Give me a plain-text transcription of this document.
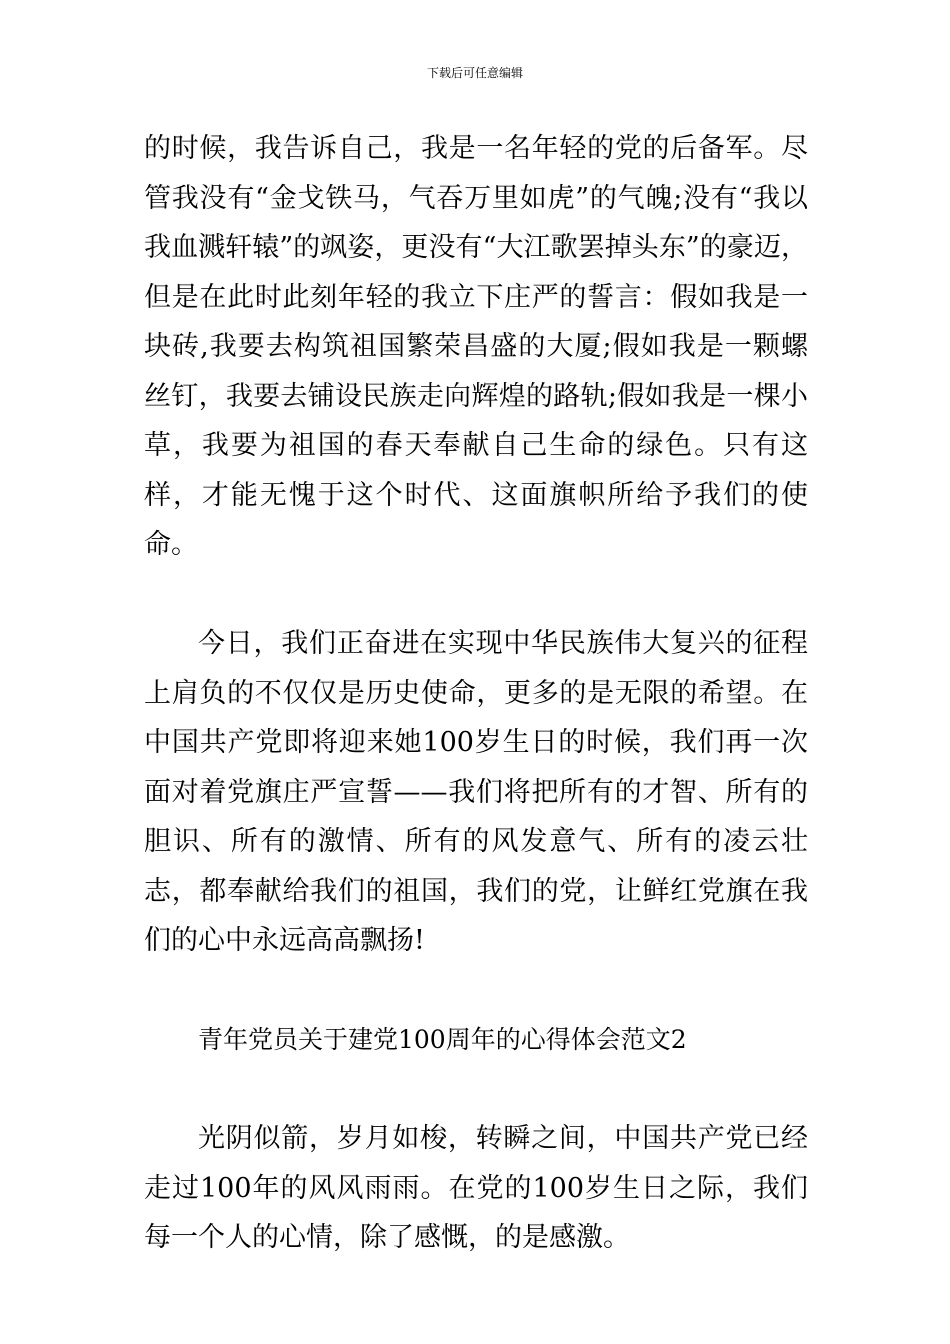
下载后可任意编辑

的时候，我告诉自己，我是一名年轻的党的后备军。尽管我没有“金戈铁马，气吞万里如虎”的气魄;没有“我以我血溅轩辕”的飒姿，更没有“大江歌罢掉头东”的豪迈，但是在此时此刻年轻的我立下庄严的誓言：假如我是一块砖,我要去构筑祖国繁荣昌盛的大厦;假如我是一颗螺丝钉，我要去铺设民族走向辉煌的路轨;假如我是一棵小草，我要为祖国的春天奉献自己生命的绿色。只有这样，才能无愧于这个时代、这面旗帜所给予我们的使命。

今日，我们正奋进在实现中华民族伟大复兴的征程上肩负的不仅仅是历史使命，更多的是无限的希望。在中国共产党即将迎来她100岁生日的时候，我们再一次面对着党旗庄严宣誓——我们将把所有的才智、所有的胆识、所有的激情、所有的风发意气、所有的凌云壮志，都奉献给我们的祖国，我们的党，让鲜红党旗在我们的心中永远高高飘扬!

青年党员关于建党100周年的心得体会范文2

光阴似箭，岁月如梭，转瞬之间，中国共产党已经走过100年的风风雨雨。在党的100岁生日之际，我们每一个人的心情，除了感慨，的是感激。
